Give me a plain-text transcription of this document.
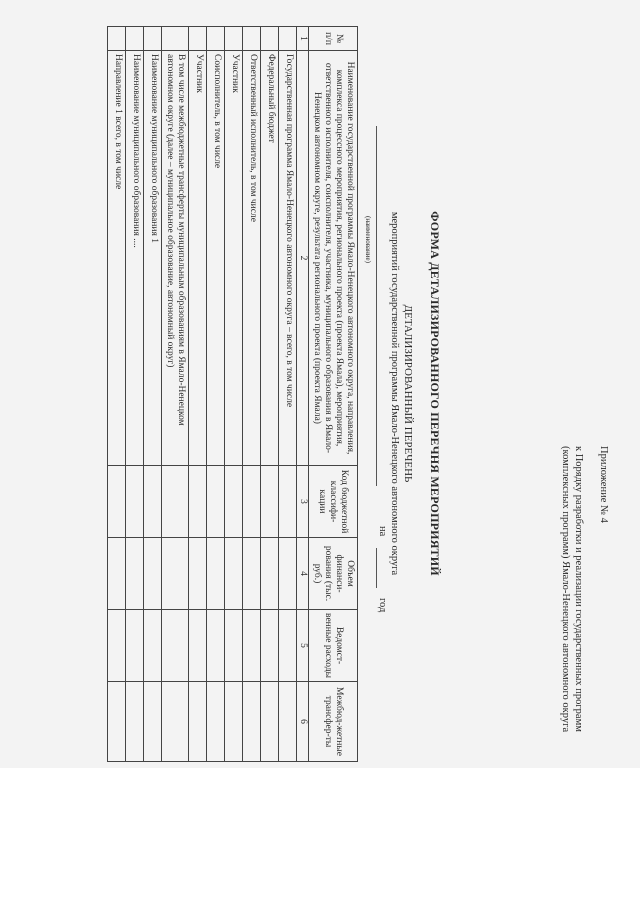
Приложение № 4
к Порядку разработки и реализации государственных программ (комплексных программ) Ямало-Ненецкого автономного округа
ФОРМА ДЕТАЛИЗИРОВАННОГО ПЕРЕЧНЯ МЕРОПРИЯТИЙ
ДЕТАЛИЗИРОВАННЫЙ ПЕРЕЧЕНЬ
мероприятий государственной программы Ямало-Ненецкого автономного округа
на
год
(наименование)
№ п/п	Наименование государственной программы Ямало-Ненецкого автономного округа, направления, комплекса процессного мероприятия, регионального проекта (проекта Ямала), мероприятия, ответственного исполнителя, соисполнителя, участника, муниципального образования в Ямало-Ненецком автономном округе, результата регионального проекта (проекта Ямала)	Код бюджетной классифи-кации	Объем финанси-рования (тыс. руб.)	Ведомст-венные расходы	Межбюд-жетные трансфер-ты
1	2	3	4	5	6
	Государственная программа Ямало-Ненецкого автономного округа – всего, в том числе				
	Федеральный бюджет				
	Ответственный исполнитель, в том числе				
	Участник				
	Соисполнитель, в том числе				
	Участник				
	В том числе межбюджетные трансферты муниципальным образованиям в Ямало-Ненецком автономном округе (далее – муниципальное образование, автономный округ)				
	Наименование муниципального образования 1				
	Наименование муниципального образования ....				
	Направление 1 всего, в том числе				
